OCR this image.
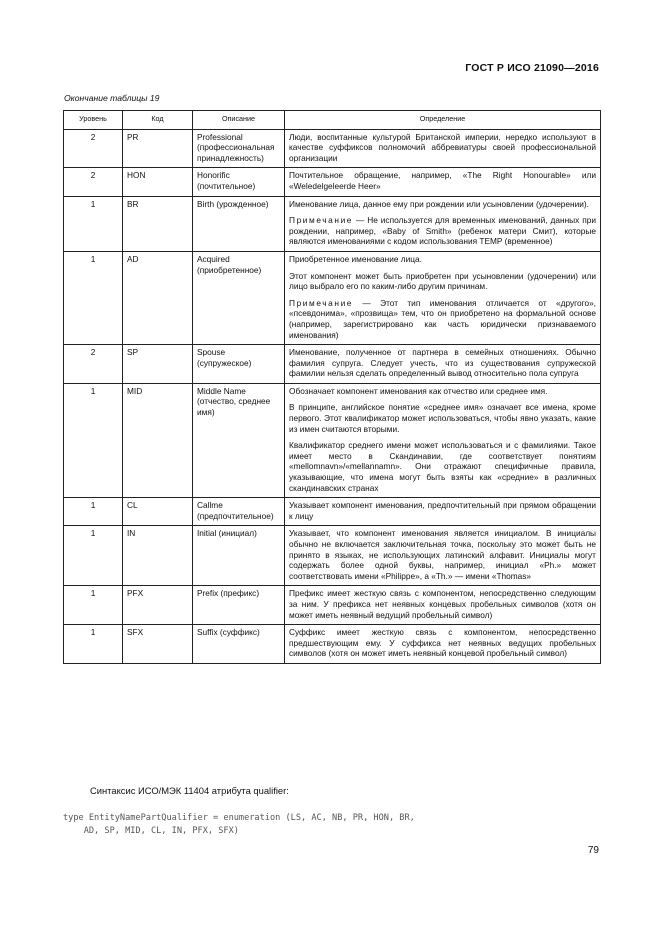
ГОСТ Р ИСО 21090—2016
Окончание таблицы 19
Уровень	Код	Описание	Определение
2	PR	Professional (профессиональная принадлежность)	Люди, воспитанные культурой Британской империи, нередко используют в качестве суффиксов полномочий аббревиатуры своей профессиональной организации

2	HON	Honorific (почтительное)	Почтительное обращение, например, «The Right Honourable» или «Weledelgeleerde Heer»

1	BR	Birth (урожденное)	Именование лица, данное ему при рождении или усыновлении (удочерении).

Примечание — Не используется для временных именований, данных при рождении, например, «Baby of Smith» (ребенок матери Смит), которые являются именованиями с кодом использования TEMP (временное)

1	AD	Acquired (приобретенное)	Приобретенное именование лица.

Этот компонент может быть приобретен при усыновлении (удочерении) или лицо выбрало его по каким-либо другим причинам.

Примечание — Этот тип именования отличается от «другого», «псевдонима», «прозвища» тем, что он приобретено на формальной основе (например, зарегистрировано как часть юридически признаваемого именования)

2	SP	Spouse (супружеское)	Именование, полученное от партнера в семейных отношениях. Обычно фамилия супруга. Следует учесть, что из существования супружеской фамилии нельзя сделать определенный вывод относительно пола супруга

1	MID	Middle Name (отчество, среднее имя)	Обозначает компонент именования как отчество или среднее имя.

В принципе, английское понятие «среднее имя» означает все имена, кроме первого. Этот квалификатор может использоваться, чтобы явно указать, какие из имен считаются вторыми.

Квалификатор среднего имени может использоваться и с фамилиями. Такое имеет место в Скандинавии, где соответствует понятиям «mellomnavn»/«mellannamn». Они отражают специфичные правила, указывающие, что имена могут быть взяты как «средние» в различных скандинавских странах

1	CL	Callme (предпочтительное)	Указывает компонент именования, предпочтительный при прямом обращении к лицу

1	IN	Initial (инициал)	Указывает, что компонент именования является инициалом. В инициалы обычно не включается заключительная точка, поскольку это может быть не принято в языках, не использующих латинский алфавит. Инициалы могут содержать более одной буквы, например, инициал «Ph.» может соответствовать имени «Philippe», а «Th.» — имени «Thomas»

1	PFX	Prefix (префикс)	Префикс имеет жесткую связь с компонентом, непосредственно следующим за ним. У префикса нет неявных концевых пробельных символов (хотя он может иметь неявный ведущий пробельный символ)

1	SFX	Suffix (суффикс)	Суффикс имеет жесткую связь с компонентом, непосредственно предшествующим ему. У суффикса нет неявных ведущих пробельных символов (хотя он может иметь неявный концевой пробельный символ)

Синтаксис ИСО/МЭК 11404 атрибута qualifier:
type EntityNamePartQualifier = enumeration (LS, AC, NB, PR, HON, BR,
AD, SP, MID, CL, IN, PFX, SFX)
79
